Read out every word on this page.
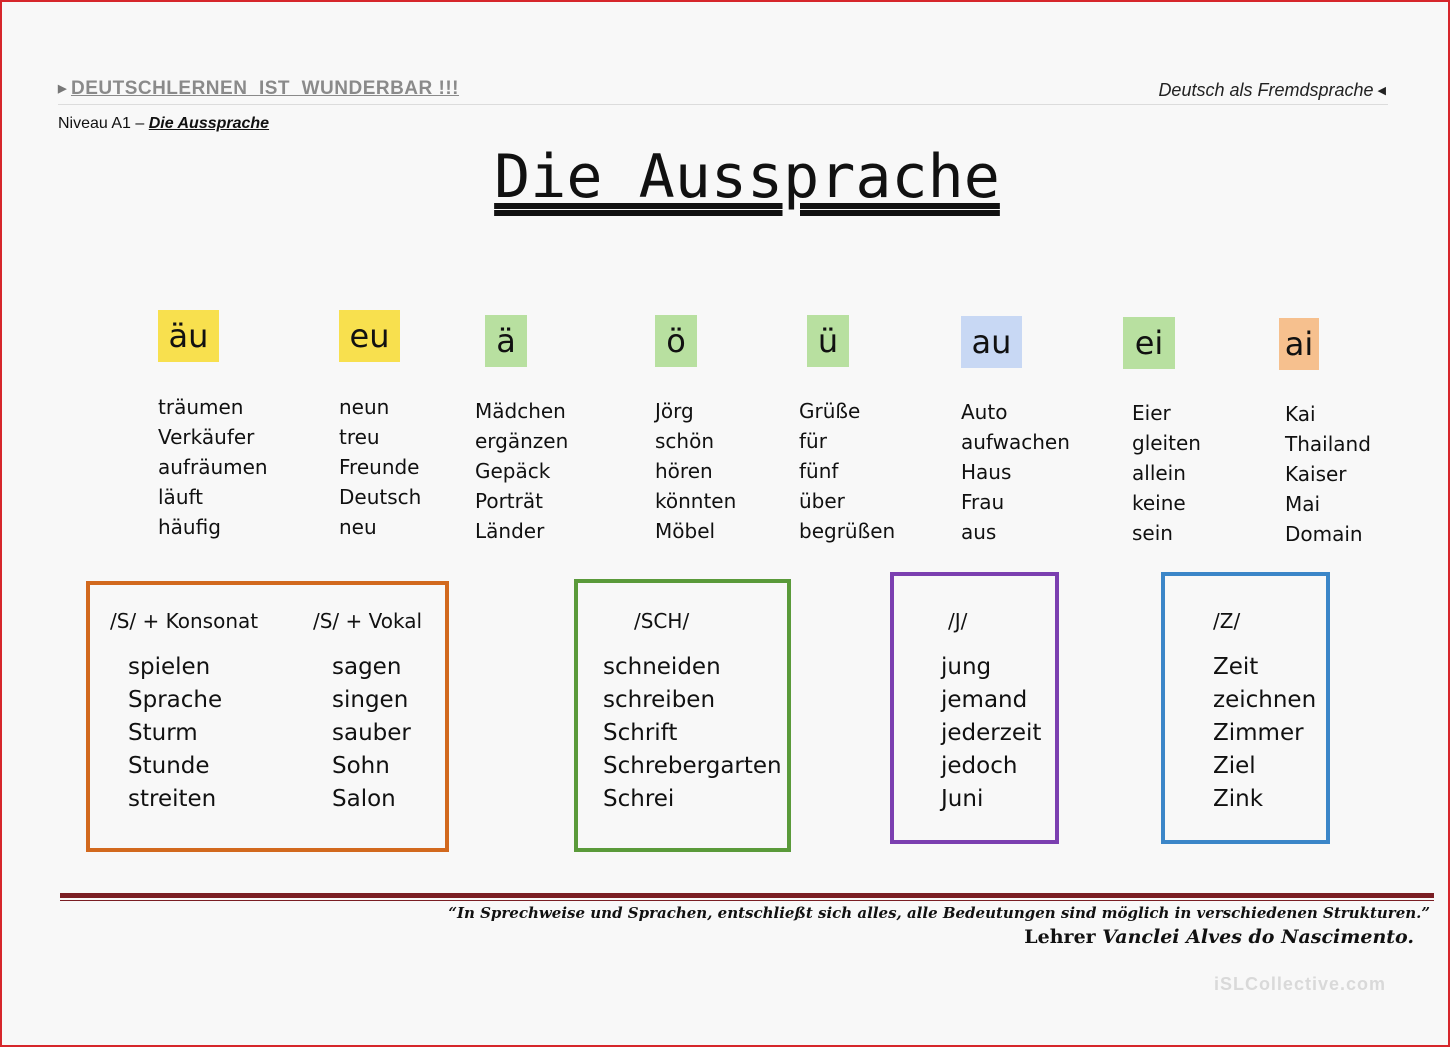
▶ DEUTSCHLERNEN  IST  WUNDERBAR !!!	Deutsch als Fremdsprache ◀
Niveau A1 – Die Aussprache
Die Aussprache
äu
träumen
Verkäufer
aufräumen
läuft
häufig
eu
neun
treu
Freunde
Deutsch
neu
ä
Mädchen
ergänzen
Gepäck
Porträt
Länder
ö
Jörg
schön
hören
könnten
Möbel
ü
Grüße
für
fünf
über
begrüßen
au
Auto
aufwachen
Haus
Frau
aus
ei
Eier
gleiten
allein
keine
sein
ai
Kai
Thailand
Kaiser
Mai
Domain
/S/ + Konsonat	/S/ + Vokal
spielen
Sprache
Sturm
Stunde
streiten
sagen
singen
sauber
Sohn
Salon
/SCH/
schneiden
schreiben
Schrift
Schrebergarten
Schrei
/J/
jung
jemand
jederzeit
jedoch
Juni
/Z/
Zeit
zeichnen
Zimmer
Ziel
Zink
“In Sprechweise und Sprachen, entschließt sich alles, alle Bedeutungen sind möglich in verschiedenen Strukturen.”
Lehrer Vanclei Alves do Nascimento.
iSLCollective.com
